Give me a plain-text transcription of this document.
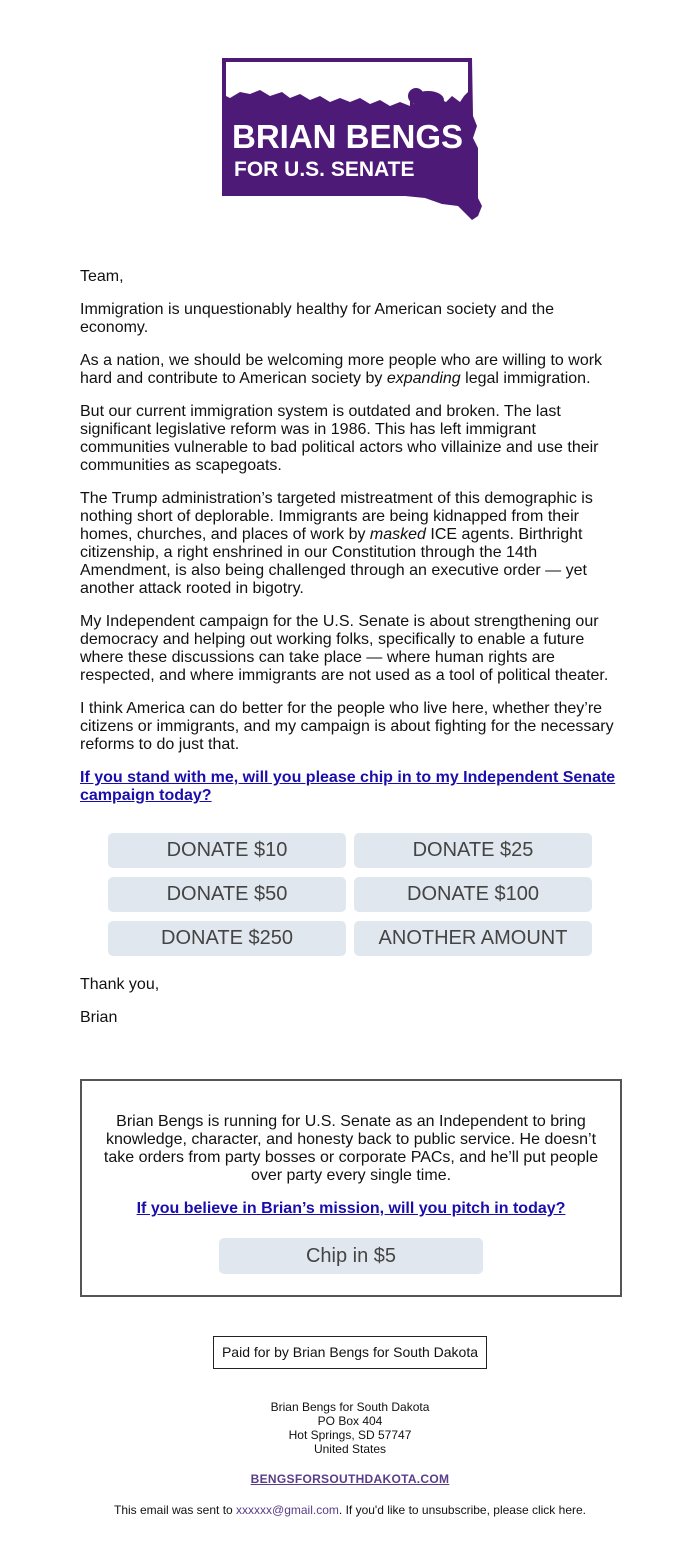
BRIAN BENGS
FOR U.S. SENATE

Team,

Immigration is unquestionably healthy for American society and the economy.

As a nation, we should be welcoming more people who are willing to work hard and contribute to American society by expanding legal immigration.

But our current immigration system is outdated and broken. The last significant legislative reform was in 1986. This has left immigrant communities vulnerable to bad political actors who villainize and use their communities as scapegoats.

The Trump administration’s targeted mistreatment of this demographic is nothing short of deplorable. Immigrants are being kidnapped from their homes, churches, and places of work by masked ICE agents. Birthright citizenship, a right enshrined in our Constitution through the 14th Amendment, is also being challenged through an executive order — yet another attack rooted in bigotry.

My Independent campaign for the U.S. Senate is about strengthening our democracy and helping out working folks, specifically to enable a future where these discussions can take place — where human rights are respected, and where immigrants are not used as a tool of political theater.

I think America can do better for the people who live here, whether they’re citizens or immigrants, and my campaign is about fighting for the necessary reforms to do just that.

If you stand with me, will you please chip in to my Independent Senate campaign today?
DONATE $10	DONATE $25
DONATE $50	DONATE $100
DONATE $250	ANOTHER AMOUNT

Thank you,

Brian

Brian Bengs is running for U.S. Senate as an Independent to bring knowledge, character, and honesty back to public service. He doesn’t take orders from party bosses or corporate PACs, and he’ll put people over party every single time.
If you believe in Brian’s mission, will you pitch in today?
Chip in $5
Paid for by Brian Bengs for South Dakota
Brian Bengs for South Dakota
PO Box 404
Hot Springs, SD 57747
United States
BENGSFORSOUTHDAKOTA.COM
This email was sent to xxxxxx@gmail.com. If you'd like to unsubscribe, please click here.
